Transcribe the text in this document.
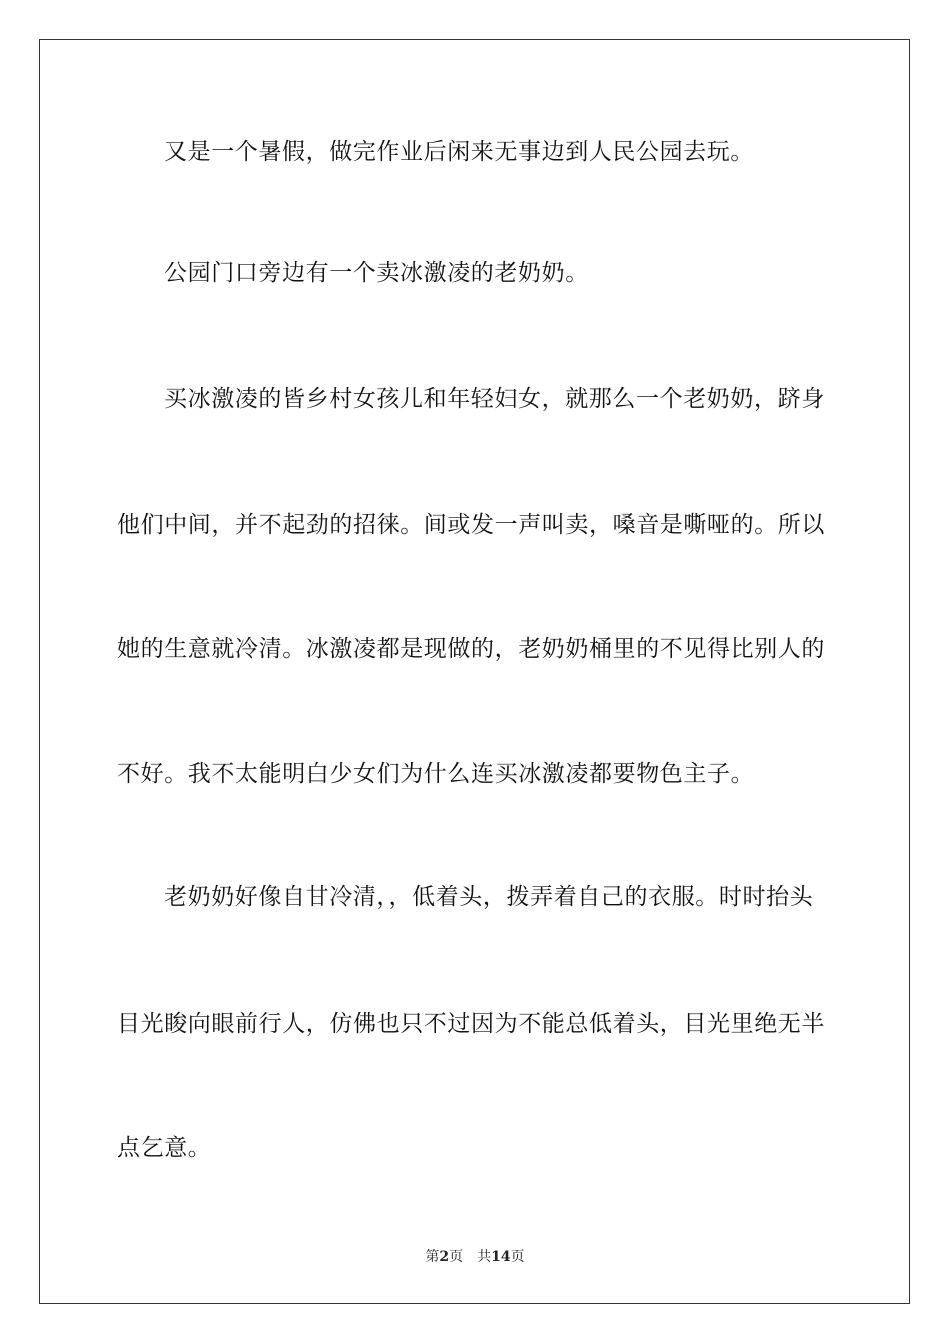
又是一个暑假，做完作业后闲来无事边到人民公园去玩。
公园门口旁边有一个卖冰激凌的老奶奶。
买冰激凌的皆乡村女孩儿和年轻妇女，就那么一个老奶奶，跻身
他们中间，并不起劲的招徕。间或发一声叫卖，嗓音是嘶哑的。所以
她的生意就冷清。冰激凌都是现做的，老奶奶桶里的不见得比别人的
不好。我不太能明白少女们为什么连买冰激凌都要物色主子。
老奶奶好像自甘冷清，，低着头，拨弄着自己的衣服。时时抬头
目光睃向眼前行人，仿佛也只不过因为不能总低着头，目光里绝无半
点乞意。
第2页 共14页
